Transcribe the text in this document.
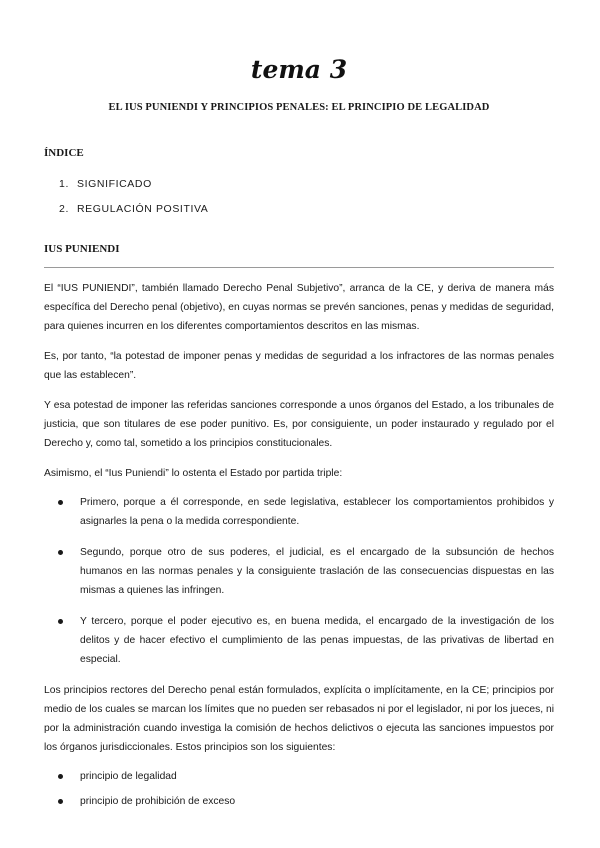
tema 3
EL IUS PUNIENDI Y PRINCIPIOS PENALES: EL PRINCIPIO DE LEGALIDAD
ÍNDICE
1. SIGNIFICADO
2. REGULACIÓN POSITIVA
IUS PUNIENDI

El “IUS PUNIENDI”, también llamado Derecho Penal Subjetivo”, arranca de la CE, y deriva de manera más específica del Derecho penal (objetivo), en cuyas normas se prevén sanciones, penas y medidas de seguridad, para quienes incurren en los diferentes comportamientos descritos en las mismas.

Es, por tanto, “la potestad de imponer penas y medidas de seguridad a los infractores de las normas penales que las establecen”.

Y esa potestad de imponer las referidas sanciones corresponde a unos órganos del Estado, a los tribunales de justicia, que son titulares de ese poder punitivo. Es, por consiguiente, un poder instaurado y regulado por el Derecho y, como tal, sometido a los principios constitucionales.

Asimismo, el “Ius Puniendi” lo ostenta el Estado por partida triple:

Primero, porque a él corresponde, en sede legislativa, establecer los comportamientos prohibidos y asignarles la pena o la medida correspondiente.
Segundo, porque otro de sus poderes, el judicial, es el encargado de la subsunción de hechos humanos en las normas penales y la consiguiente traslación de las consecuencias dispuestas en las mismas a quienes las infringen.
Y tercero, porque el poder ejecutivo es, en buena medida, el encargado de la investigación de los delitos y de hacer efectivo el cumplimiento de las penas impuestas, de las privativas de libertad en especial.

Los principios rectores del Derecho penal están formulados, explícita o implícitamente, en la CE; principios por medio de los cuales se marcan los límites que no pueden ser rebasados ni por el legislador, ni por los jueces, ni por la administración cuando investiga la comisión de hechos delictivos o ejecuta las sanciones impuestos por los órganos jurisdiccionales. Estos principios son los siguientes:

principio de legalidad
principio de prohibición de exceso
